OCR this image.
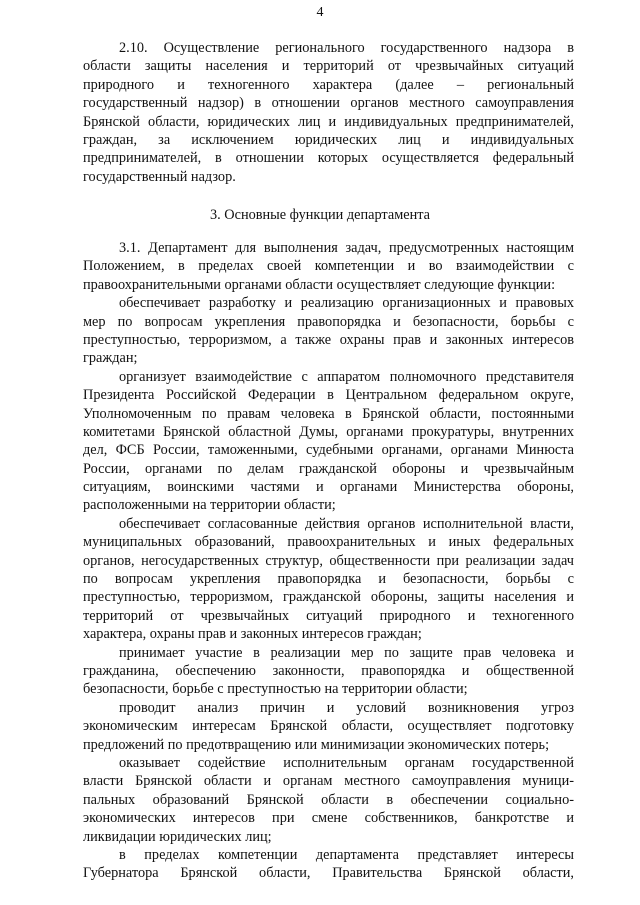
4
2.10. Осуществление регионального государственного надзора в
области защиты населения и территорий от чрезвычайных ситуаций
природного и техногенного характера (далее – региональный
государственный надзор) в отношении органов местного самоуправления
Брянской области, юридических лиц и индивидуальных предпринимателей,
граждан, за исключением юридических лиц и индивидуальных
предпринимателей, в отношении которых осуществляется федеральный
государственный надзор.
3. Основные функции департамента
3.1. Департамент для выполнения задач, предусмотренных настоящим
Положением, в пределах своей компетенции и во взаимодействии с
правоохранительными органами области осуществляет следующие функции:
обеспечивает разработку и реализацию организационных и правовых
мер по вопросам укрепления правопорядка и безопасности, борьбы с
преступностью, терроризмом, а также охраны прав и законных интересов
граждан;
организует взаимодействие с аппаратом полномочного представителя
Президента Российской Федерации в Центральном федеральном округе,
Уполномоченным по правам человека в Брянской области, постоянными
комитетами Брянской областной Думы, органами прокуратуры, внутренних
дел, ФСБ России, таможенными, судебными органами, органами Минюста
России, органами по делам гражданской обороны и чрезвычайным
ситуациям, воинскими частями и органами Министерства обороны,
расположенными на территории области;
обеспечивает согласованные действия органов исполнительной власти,
муниципальных образований, правоохранительных и иных федеральных
органов, негосударственных структур, общественности при реализации задач
по вопросам укрепления правопорядка и безопасности, борьбы с
преступностью, терроризмом, гражданской обороны, защиты населения и
территорий от чрезвычайных ситуаций природного и техногенного
характера, охраны прав и законных интересов граждан;
принимает участие в реализации мер по защите прав человека и
гражданина, обеспечению законности, правопорядка и общественной
безопасности, борьбе с преступностью на территории области;
проводит анализ причин и условий возникновения угроз
экономическим интересам Брянской области, осуществляет подготовку
предложений по предотвращению или минимизации экономических потерь;
оказывает содействие исполнительным органам государственной
власти Брянской области и органам местного самоуправления муници-
пальных образований Брянской области в обеспечении социально-
экономических интересов при смене собственников, банкротстве и
ликвидации юридических лиц;
в пределах компетенции департамента представляет интересы
Губернатора Брянской области, Правительства Брянской области,
